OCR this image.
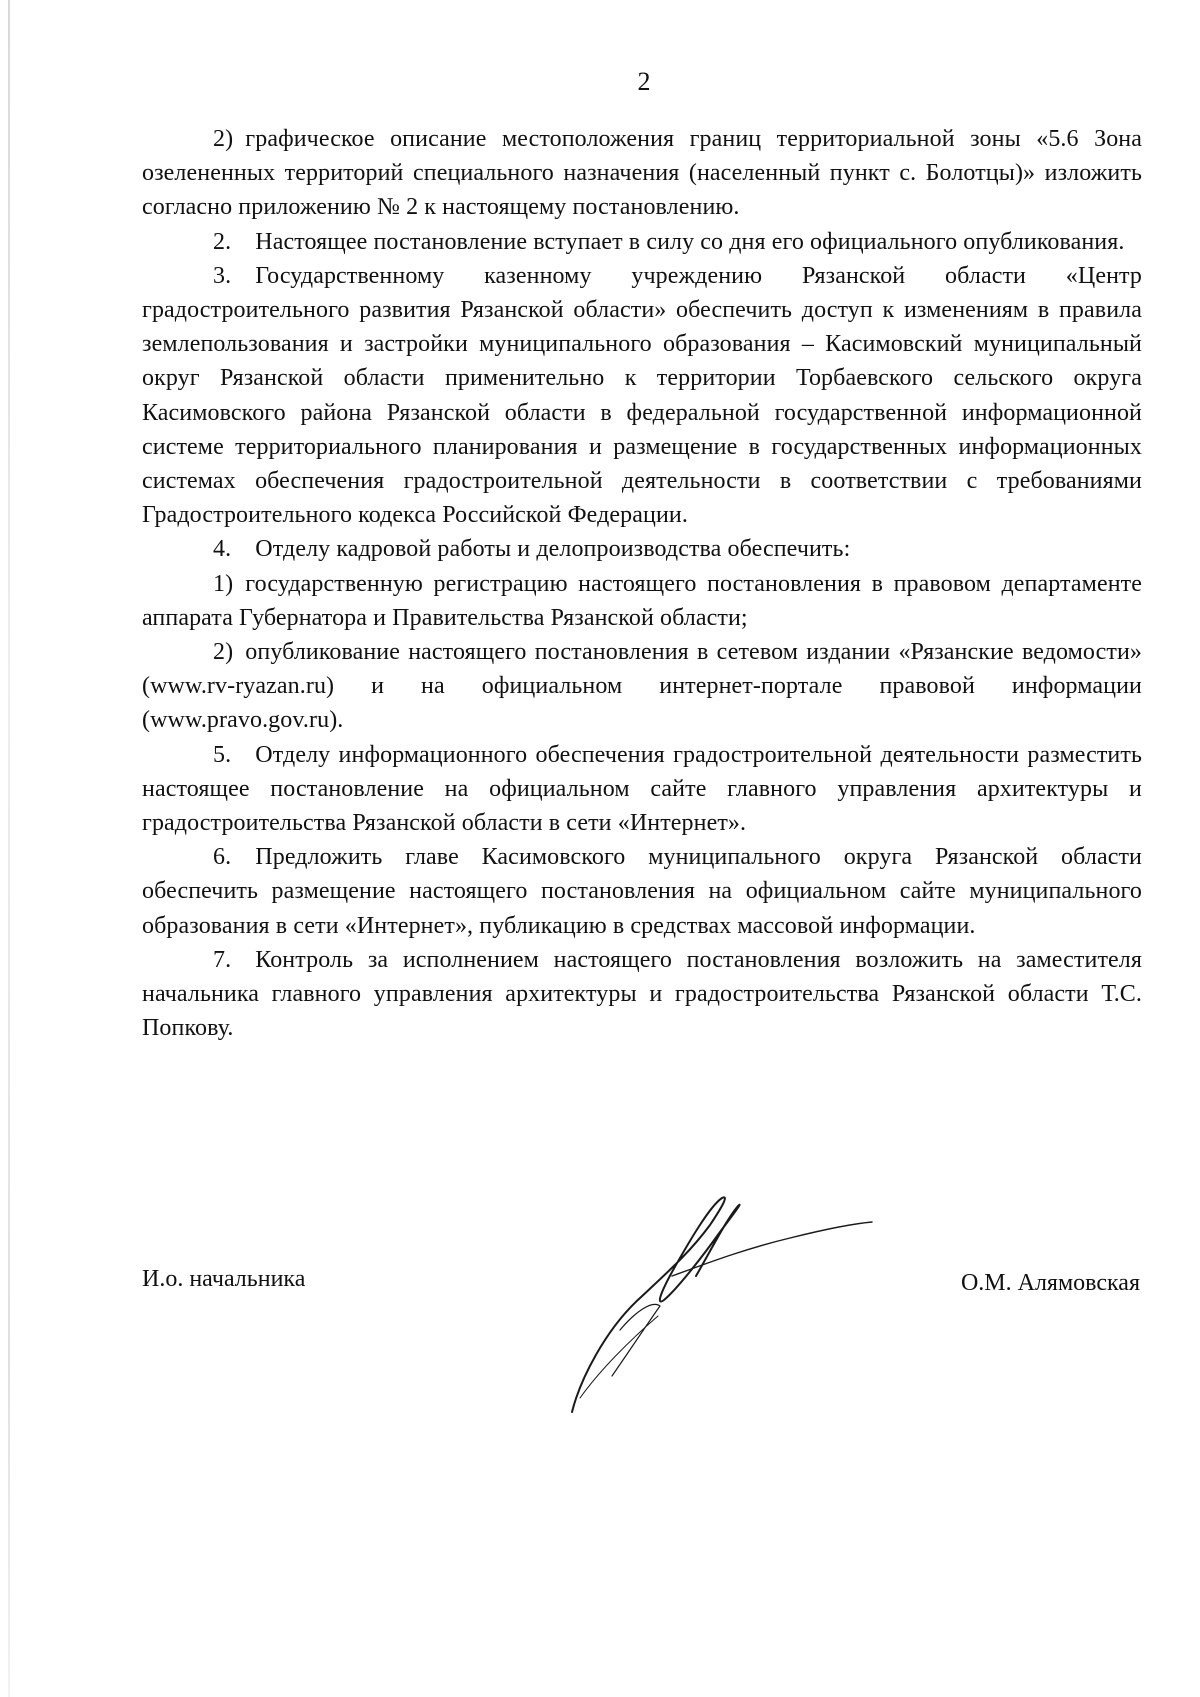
2

2) графическое описание местоположения границ территориальной зоны «5.6 Зона озелененных территорий специального назначения (населенный пункт с. Болотцы)» изложить согласно приложению № 2 к настоящему постановлению.

2. Настоящее постановление вступает в силу со дня его официального опубликования.

3. Государственному казенному учреждению Рязанской области «Центр градостроительного развития Рязанской области» обеспечить доступ к изменениям в правила землепользования и застройки муниципального образования – Касимовский муниципальный округ Рязанской области применительно к территории Торбаевского сельского округа Касимовского района Рязанской области в федеральной государственной информационной системе территориального планирования и размещение в государственных информационных системах обеспечения градостроительной деятельности в соответствии с требованиями Градостроительного кодекса Российской Федерации.

4. Отделу кадровой работы и делопроизводства обеспечить:

1) государственную регистрацию настоящего постановления в правовом департаменте аппарата Губернатора и Правительства Рязанской области;

2) опубликование настоящего постановления в сетевом издании «Рязанские ведомости» (www.rv-ryazan.ru) и на официальном интернет-портале правовой информации (www.pravo.gov.ru).

5. Отделу информационного обеспечения градостроительной деятельности разместить настоящее постановление на официальном сайте главного управления архитектуры и градостроительства Рязанской области в сети «Интернет».

6. Предложить главе Касимовского муниципального округа Рязанской области обеспечить размещение настоящего постановления на официальном сайте муниципального образования в сети «Интернет», публикацию в средствах массовой информации.

7. Контроль за исполнением настоящего постановления возложить на заместителя начальника главного управления архитектуры и градостроительства Рязанской области Т.С. Попкову.

И.о. начальника	О.М. Алямовская
